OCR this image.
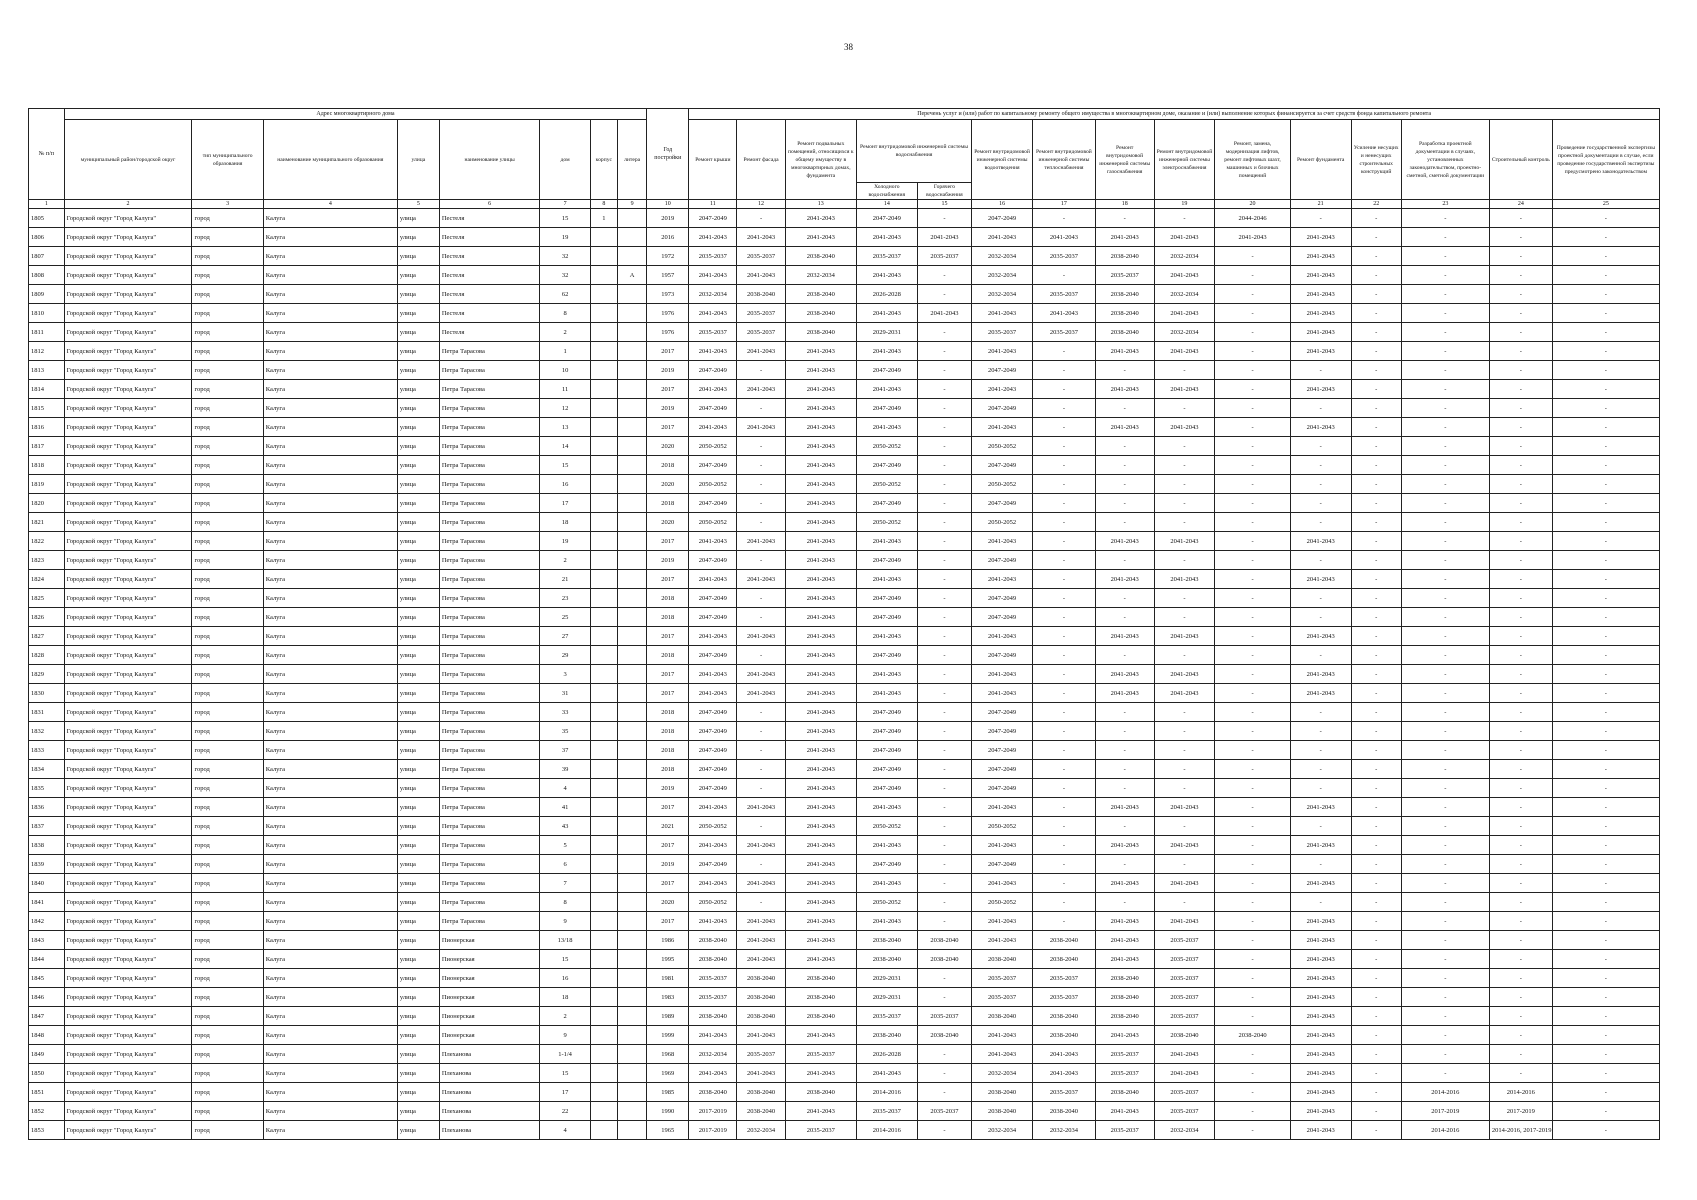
38
№ п/п	Адрес многоквартирного дома								Год постройки	Перечень услуг и (или) работ по капитальному ремонту общего имущества в многоквартирном доме, оказание и (или) выполнение которых финансируется за счет средств фонда капитального ремонта														
	муниципальный район/городской округ	тип муниципального образования	наименование муниципального образования	улица	наименование улицы	дом	корпус	литера		Ремонт крыши	Ремонт фасада	Ремонт подвальных помещений, относящихся к общему имуществу в многоквартирных домах, фундамента	Ремонт внутридомовой инженерной системы водоснабжения		Ремонт внутридомовой инженерной системы водоотведения	Ремонт внутридомовой инженерной системы теплоснабжения	Ремонт внутридомовой инженерной системы газоснабжения	Ремонт внутридомовой инженерной системы электроснабжения	Ремонт, замена, модернизация лифтов, ремонт лифтовых шахт, машинных и блочных помещений	Ремонт фундамента	Усиление несущих и ненесущих строительных конструкций	Разработка проектной документации в случаях, установленных законодательством, проектно-сметной, сметной документации	Строительный контроль	Проведение государственной экспертизы проектной документации в случае, если проведение государственной экспертизы предусмотрено законодательством
													Холодного водоснабжения	Горячего водоснабжения										
1	2	3	4	5	6	7	8	9	10	11	12	13	14	15	16	17	18	19	20	21	22	23	24	25
1805	Городской округ "Город Калуга"	город	Калуга	улица	Пестеля	15	1		2019	2047-2049	-	2041-2043	2047-2049	-	2047-2049	-	-	-	2044-2046	-	-	-	-	-
1806	Городской округ "Город Калуга"	город	Калуга	улица	Пестеля	19			2016	2041-2043	2041-2043	2041-2043	2041-2043	2041-2043	2041-2043	2041-2043	2041-2043	2041-2043	2041-2043	2041-2043	-	-	-	-
1807	Городской округ "Город Калуга"	город	Калуга	улица	Пестеля	32			1972	2035-2037	2035-2037	2038-2040	2035-2037	2035-2037	2032-2034	2035-2037	2038-2040	2032-2034	-	2041-2043	-	-	-	-
1808	Городской округ "Город Калуга"	город	Калуга	улица	Пестеля	32		А	1957	2041-2043	2041-2043	2032-2034	2041-2043	-	2032-2034	-	2035-2037	2041-2043	-	2041-2043	-	-	-	-
1809	Городской округ "Город Калуга"	город	Калуга	улица	Пестеля	62			1973	2032-2034	2038-2040	2038-2040	2026-2028	-	2032-2034	2035-2037	2038-2040	2032-2034	-	2041-2043	-	-	-	-
1810	Городской округ "Город Калуга"	город	Калуга	улица	Пестеля	8			1976	2041-2043	2035-2037	2038-2040	2041-2043	2041-2043	2041-2043	2041-2043	2038-2040	2041-2043	-	2041-2043	-	-	-	-
1811	Городской округ "Город Калуга"	город	Калуга	улица	Пестеля	2			1976	2035-2037	2035-2037	2038-2040	2029-2031	-	2035-2037	2035-2037	2038-2040	2032-2034	-	2041-2043	-	-	-	-
1812	Городской округ "Город Калуга"	город	Калуга	улица	Петра Тарасова	1			2017	2041-2043	2041-2043	2041-2043	2041-2043	-	2041-2043	-	2041-2043	2041-2043	-	2041-2043	-	-	-	-
1813	Городской округ "Город Калуга"	город	Калуга	улица	Петра Тарасова	10			2019	2047-2049	-	2041-2043	2047-2049	-	2047-2049	-	-	-	-	-	-	-	-	-
1814	Городской округ "Город Калуга"	город	Калуга	улица	Петра Тарасова	11			2017	2041-2043	2041-2043	2041-2043	2041-2043	-	2041-2043	-	2041-2043	2041-2043	-	2041-2043	-	-	-	-
1815	Городской округ "Город Калуга"	город	Калуга	улица	Петра Тарасова	12			2019	2047-2049	-	2041-2043	2047-2049	-	2047-2049	-	-	-	-	-	-	-	-	-
1816	Городской округ "Город Калуга"	город	Калуга	улица	Петра Тарасова	13			2017	2041-2043	2041-2043	2041-2043	2041-2043	-	2041-2043	-	2041-2043	2041-2043	-	2041-2043	-	-	-	-
1817	Городской округ "Город Калуга"	город	Калуга	улица	Петра Тарасова	14			2020	2050-2052	-	2041-2043	2050-2052	-	2050-2052	-	-	-	-	-	-	-	-	-
1818	Городской округ "Город Калуга"	город	Калуга	улица	Петра Тарасова	15			2018	2047-2049	-	2041-2043	2047-2049	-	2047-2049	-	-	-	-	-	-	-	-	-
1819	Городской округ "Город Калуга"	город	Калуга	улица	Петра Тарасова	16			2020	2050-2052	-	2041-2043	2050-2052	-	2050-2052	-	-	-	-	-	-	-	-	-
1820	Городской округ "Город Калуга"	город	Калуга	улица	Петра Тарасова	17			2018	2047-2049	-	2041-2043	2047-2049	-	2047-2049	-	-	-	-	-	-	-	-	-
1821	Городской округ "Город Калуга"	город	Калуга	улица	Петра Тарасова	18			2020	2050-2052	-	2041-2043	2050-2052	-	2050-2052	-	-	-	-	-	-	-	-	-
1822	Городской округ "Город Калуга"	город	Калуга	улица	Петра Тарасова	19			2017	2041-2043	2041-2043	2041-2043	2041-2043	-	2041-2043	-	2041-2043	2041-2043	-	2041-2043	-	-	-	-
1823	Городской округ "Город Калуга"	город	Калуга	улица	Петра Тарасова	2			2019	2047-2049	-	2041-2043	2047-2049	-	2047-2049	-	-	-	-	-	-	-	-	-
1824	Городской округ "Город Калуга"	город	Калуга	улица	Петра Тарасова	21			2017	2041-2043	2041-2043	2041-2043	2041-2043	-	2041-2043	-	2041-2043	2041-2043	-	2041-2043	-	-	-	-
1825	Городской округ "Город Калуга"	город	Калуга	улица	Петра Тарасова	23			2018	2047-2049	-	2041-2043	2047-2049	-	2047-2049	-	-	-	-	-	-	-	-	-
1826	Городской округ "Город Калуга"	город	Калуга	улица	Петра Тарасова	25			2018	2047-2049	-	2041-2043	2047-2049	-	2047-2049	-	-	-	-	-	-	-	-	-
1827	Городской округ "Город Калуга"	город	Калуга	улица	Петра Тарасова	27			2017	2041-2043	2041-2043	2041-2043	2041-2043	-	2041-2043	-	2041-2043	2041-2043	-	2041-2043	-	-	-	-
1828	Городской округ "Город Калуга"	город	Калуга	улица	Петра Тарасова	29			2018	2047-2049	-	2041-2043	2047-2049	-	2047-2049	-	-	-	-	-	-	-	-	-
1829	Городской округ "Город Калуга"	город	Калуга	улица	Петра Тарасова	3			2017	2041-2043	2041-2043	2041-2043	2041-2043	-	2041-2043	-	2041-2043	2041-2043	-	2041-2043	-	-	-	-
1830	Городской округ "Город Калуга"	город	Калуга	улица	Петра Тарасова	31			2017	2041-2043	2041-2043	2041-2043	2041-2043	-	2041-2043	-	2041-2043	2041-2043	-	2041-2043	-	-	-	-
1831	Городской округ "Город Калуга"	город	Калуга	улица	Петра Тарасова	33			2018	2047-2049	-	2041-2043	2047-2049	-	2047-2049	-	-	-	-	-	-	-	-	-
1832	Городской округ "Город Калуга"	город	Калуга	улица	Петра Тарасова	35			2018	2047-2049	-	2041-2043	2047-2049	-	2047-2049	-	-	-	-	-	-	-	-	-
1833	Городской округ "Город Калуга"	город	Калуга	улица	Петра Тарасова	37			2018	2047-2049	-	2041-2043	2047-2049	-	2047-2049	-	-	-	-	-	-	-	-	-
1834	Городской округ "Город Калуга"	город	Калуга	улица	Петра Тарасова	39			2018	2047-2049	-	2041-2043	2047-2049	-	2047-2049	-	-	-	-	-	-	-	-	-
1835	Городской округ "Город Калуга"	город	Калуга	улица	Петра Тарасова	4			2019	2047-2049	-	2041-2043	2047-2049	-	2047-2049	-	-	-	-	-	-	-	-	-
1836	Городской округ "Город Калуга"	город	Калуга	улица	Петра Тарасова	41			2017	2041-2043	2041-2043	2041-2043	2041-2043	-	2041-2043	-	2041-2043	2041-2043	-	2041-2043	-	-	-	-
1837	Городской округ "Город Калуга"	город	Калуга	улица	Петра Тарасова	43			2021	2050-2052	-	2041-2043	2050-2052	-	2050-2052	-	-	-	-	-	-	-	-	-
1838	Городской округ "Город Калуга"	город	Калуга	улица	Петра Тарасова	5			2017	2041-2043	2041-2043	2041-2043	2041-2043	-	2041-2043	-	2041-2043	2041-2043	-	2041-2043	-	-	-	-
1839	Городской округ "Город Калуга"	город	Калуга	улица	Петра Тарасова	6			2019	2047-2049	-	2041-2043	2047-2049	-	2047-2049	-	-	-	-	-	-	-	-	-
1840	Городской округ "Город Калуга"	город	Калуга	улица	Петра Тарасова	7			2017	2041-2043	2041-2043	2041-2043	2041-2043	-	2041-2043	-	2041-2043	2041-2043	-	2041-2043	-	-	-	-
1841	Городской округ "Город Калуга"	город	Калуга	улица	Петра Тарасова	8			2020	2050-2052	-	2041-2043	2050-2052	-	2050-2052	-	-	-	-	-	-	-	-	-
1842	Городской округ "Город Калуга"	город	Калуга	улица	Петра Тарасова	9			2017	2041-2043	2041-2043	2041-2043	2041-2043	-	2041-2043	-	2041-2043	2041-2043	-	2041-2043	-	-	-	-
1843	Городской округ "Город Калуга"	город	Калуга	улица	Пионерская	13/18			1986	2038-2040	2041-2043	2041-2043	2038-2040	2038-2040	2041-2043	2038-2040	2041-2043	2035-2037	-	2041-2043	-	-	-	-
1844	Городской округ "Город Калуга"	город	Калуга	улица	Пионерская	15			1995	2038-2040	2041-2043	2041-2043	2038-2040	2038-2040	2038-2040	2038-2040	2041-2043	2035-2037	-	2041-2043	-	-	-	-
1845	Городской округ "Город Калуга"	город	Калуга	улица	Пионерская	16			1981	2035-2037	2038-2040	2038-2040	2029-2031	-	2035-2037	2035-2037	2038-2040	2035-2037	-	2041-2043	-	-	-	-
1846	Городской округ "Город Калуга"	город	Калуга	улица	Пионерская	18			1983	2035-2037	2038-2040	2038-2040	2029-2031	-	2035-2037	2035-2037	2038-2040	2035-2037	-	2041-2043	-	-	-	-
1847	Городской округ "Город Калуга"	город	Калуга	улица	Пионерская	2			1989	2038-2040	2038-2040	2038-2040	2035-2037	2035-2037	2038-2040	2038-2040	2038-2040	2035-2037	-	2041-2043	-	-	-	-
1848	Городской округ "Город Калуга"	город	Калуга	улица	Пионерская	9			1999	2041-2043	2041-2043	2041-2043	2038-2040	2038-2040	2041-2043	2038-2040	2041-2043	2038-2040	2038-2040	2041-2043	-	-	-	-
1849	Городской округ "Город Калуга"	город	Калуга	улица	Плеханова	1-1/4			1968	2032-2034	2035-2037	2035-2037	2026-2028	-	2041-2043	2041-2043	2035-2037	2041-2043	-	2041-2043	-	-	-	-
1850	Городской округ "Город Калуга"	город	Калуга	улица	Плеханова	15			1969	2041-2043	2041-2043	2041-2043	2041-2043	-	2032-2034	2041-2043	2035-2037	2041-2043	-	2041-2043	-	-	-	-
1851	Городской округ "Город Калуга"	город	Калуга	улица	Плеханова	17			1985	2038-2040	2038-2040	2038-2040	2014-2016	-	2038-2040	2035-2037	2038-2040	2035-2037	-	2041-2043	-	2014-2016	2014-2016	-
1852	Городской округ "Город Калуга"	город	Калуга	улица	Плеханова	22			1990	2017-2019	2038-2040	2041-2043	2035-2037	2035-2037	2038-2040	2038-2040	2041-2043	2035-2037	-	2041-2043	-	2017-2019	2017-2019	-
1853	Городской округ "Город Калуга"	город	Калуга	улица	Плеханова	4			1965	2017-2019	2032-2034	2035-2037	2014-2016	-	2032-2034	2032-2034	2035-2037	2032-2034	-	2041-2043	-	2014-2016	2014-2016, 2017-2019	-
